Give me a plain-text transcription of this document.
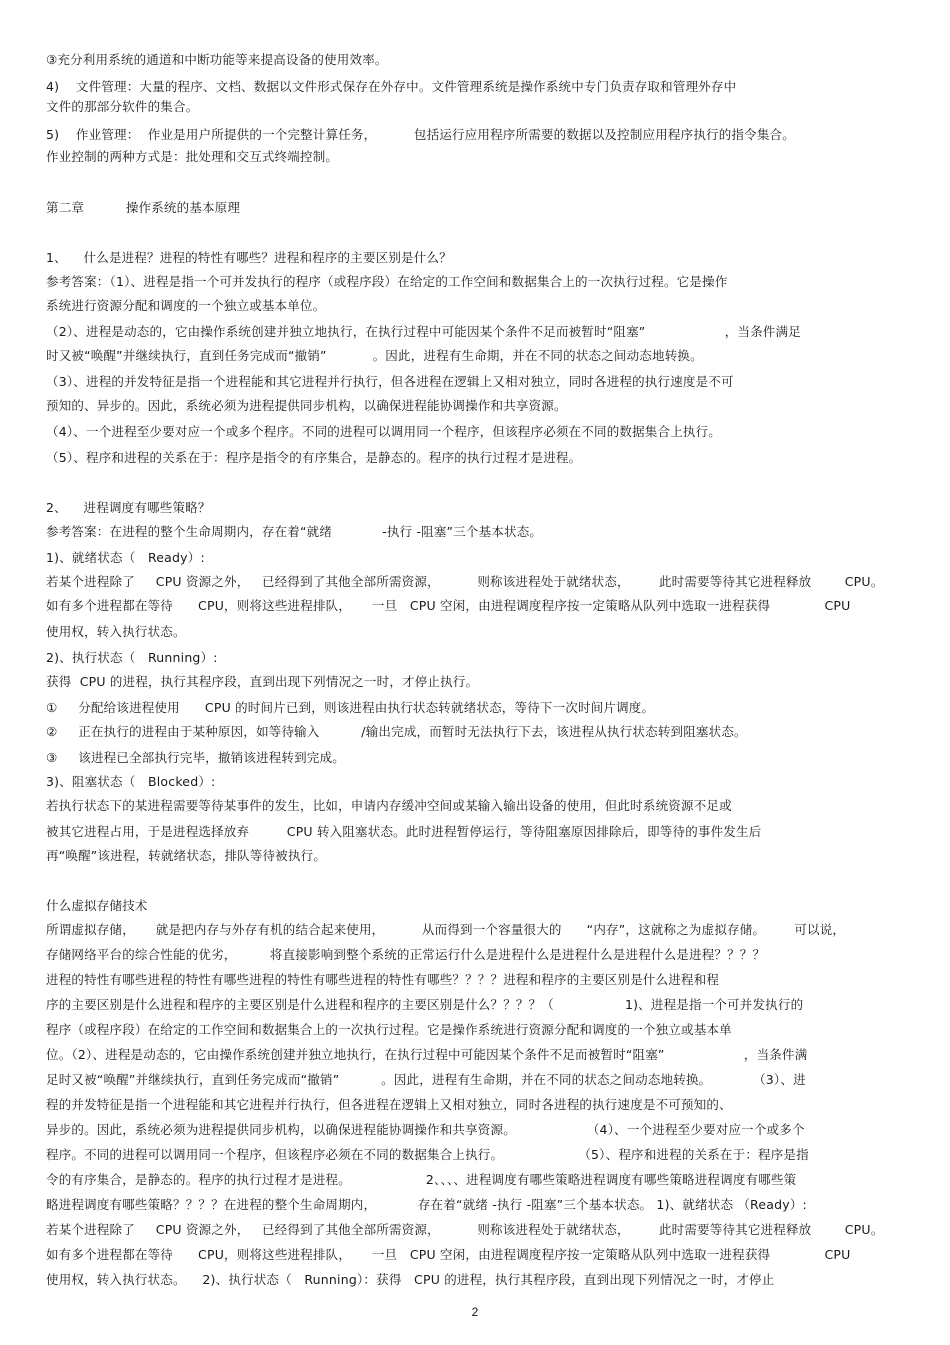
③充分利用系统的通道和中断功能等来提高设备的使用效率。
4)    文件管理：大量的程序、文档、数据以文件形式保存在外存中。文件管理系统是操作系统中专门负责存取和管理外存中
文件的那部分软件的集合。
5)    作业管理：  作业是用户所提供的一个完整计算任务，         包括运行应用程序所需要的数据以及控制应用程序执行的指令集合。
作业控制的两种方式是：批处理和交互式终端控制。
第二章          操作系统的基本原理
1、    什么是进程？进程的特性有哪些？进程和程序的主要区别是什么？
参考答案：（1）、进程是指一个可并发执行的程序（或程序段）在给定的工作空间和数据集合上的一次执行过程。它是操作
系统进行资源分配和调度的一个独立或基本单位。
（2）、进程是动态的，它由操作系统创建并独立地执行，在执行过程中可能因某个条件不足而被暂时“阻塞”                   ，当条件满足
时又被“唤醒”并继续执行，直到任务完成而“撤销”           。因此，进程有生命期，并在不同的状态之间动态地转换。
（3）、进程的并发特征是指一个进程能和其它进程并行执行，但各进程在逻辑上又相对独立，同时各进程的执行速度是不可
预知的、异步的。因此，系统必须为进程提供同步机构，以确保进程能协调操作和共享资源。
（4）、一个进程至少要对应一个或多个程序。不同的进程可以调用同一个程序，但该程序必须在不同的数据集合上执行。
（5）、程序和进程的关系在于：程序是指令的有序集合，是静态的。程序的执行过程才是进程。
2、    进程调度有哪些策略？
参考答案：在进程的整个生命周期内，存在着“就绪            -执行 -阻塞”三个基本状态。
1)、就绪状态（   Ready）:
若某个进程除了     CPU 资源之外，   已经得到了其他全部所需资源，         则称该进程处于就绪状态，       此时需要等待其它进程释放        CPU。
如有多个进程都在等待      CPU，则将这些进程排队，     一旦   CPU 空闲，由进程调度程序按一定策略从队列中选取一进程获得             CPU
使用权，转入执行状态。
2)、执行状态（   Running）:
获得  CPU 的进程，执行其程序段，直到出现下列情况之一时，才停止执行。
①     分配给该进程使用      CPU 的时间片已到，则该进程由执行状态转就绪状态，等待下一次时间片调度。
②     正在执行的进程由于某种原因，如等待输入          /输出完成，而暂时无法执行下去，该进程从执行状态转到阻塞状态。
③     该进程已全部执行完毕，撤销该进程转到完成。
3)、阻塞状态（   Blocked）:
若执行状态下的某进程需要等待某事件的发生，比如，申请内存缓冲空间或某输入输出设备的使用，但此时系统资源不足或
被其它进程占用，于是进程选择放弃         CPU 转入阻塞状态。此时进程暂停运行，等待阻塞原因排除后，即等待的事件发生后
再“唤醒”该进程，转就绪状态，排队等待被执行。
什么虚拟存储技术
所谓虚拟存储，     就是把内存与外存有机的结合起来使用，         从而得到一个容量很大的      “内存”，这就称之为虚拟存储。       可以说，
存储网络平台的综合性能的优劣，        将直接影响到整个系统的正常运行什么是进程什么是进程什么是进程什么是进程？？？？
进程的特性有哪些进程的特性有哪些进程的特性有哪些进程的特性有哪些？？？？进程和程序的主要区别是什么进程和程
序的主要区别是什么进程和程序的主要区别是什么进程和程序的主要区别是什么？？？？（                 1)、进程是指一个可并发执行的
程序（或程序段）在给定的工作空间和数据集合上的一次执行过程。它是操作系统进行资源分配和调度的一个独立或基本单
位。（2）、进程是动态的，它由操作系统创建并独立地执行，在执行过程中可能因某个条件不足而被暂时“阻塞”                   ，当条件满
足时又被“唤醒”并继续执行，直到任务完成而“撤销”          。因此，进程有生命期，并在不同的状态之间动态地转换。          （3）、进
程的并发特征是指一个进程能和其它进程并行执行，但各进程在逻辑上又相对独立，同时各进程的执行速度是不可预知的、
异步的。因此，系统必须为进程提供同步机构，以确保进程能协调操作和共享资源。                 （4）、一个进程至少要对应一个或多个
程序。不同的进程可以调用同一个程序，但该程序必须在不同的数据集合上执行。                  （5）、程序和进程的关系在于：程序是指
令的有序集合，是静态的。程序的执行过程才是进程。                  2、、、、进程调度有哪些策略进程调度有哪些策略进程调度有哪些策
略进程调度有哪些策略？？？？在进程的整个生命周期内，          存在着“就绪 -执行 -阻塞”三个基本状态。 1)、就绪状态 （Ready）:
若某个进程除了     CPU 资源之外，   已经得到了其他全部所需资源，         则称该进程处于就绪状态，       此时需要等待其它进程释放        CPU。
如有多个进程都在等待      CPU，则将这些进程排队，     一旦   CPU 空闲，由进程调度程序按一定策略从队列中选取一进程获得             CPU
使用权，转入执行状态。    2)、执行状态（   Running）：获得   CPU 的进程，执行其程序段，直到出现下列情况之一时，才停止
2
